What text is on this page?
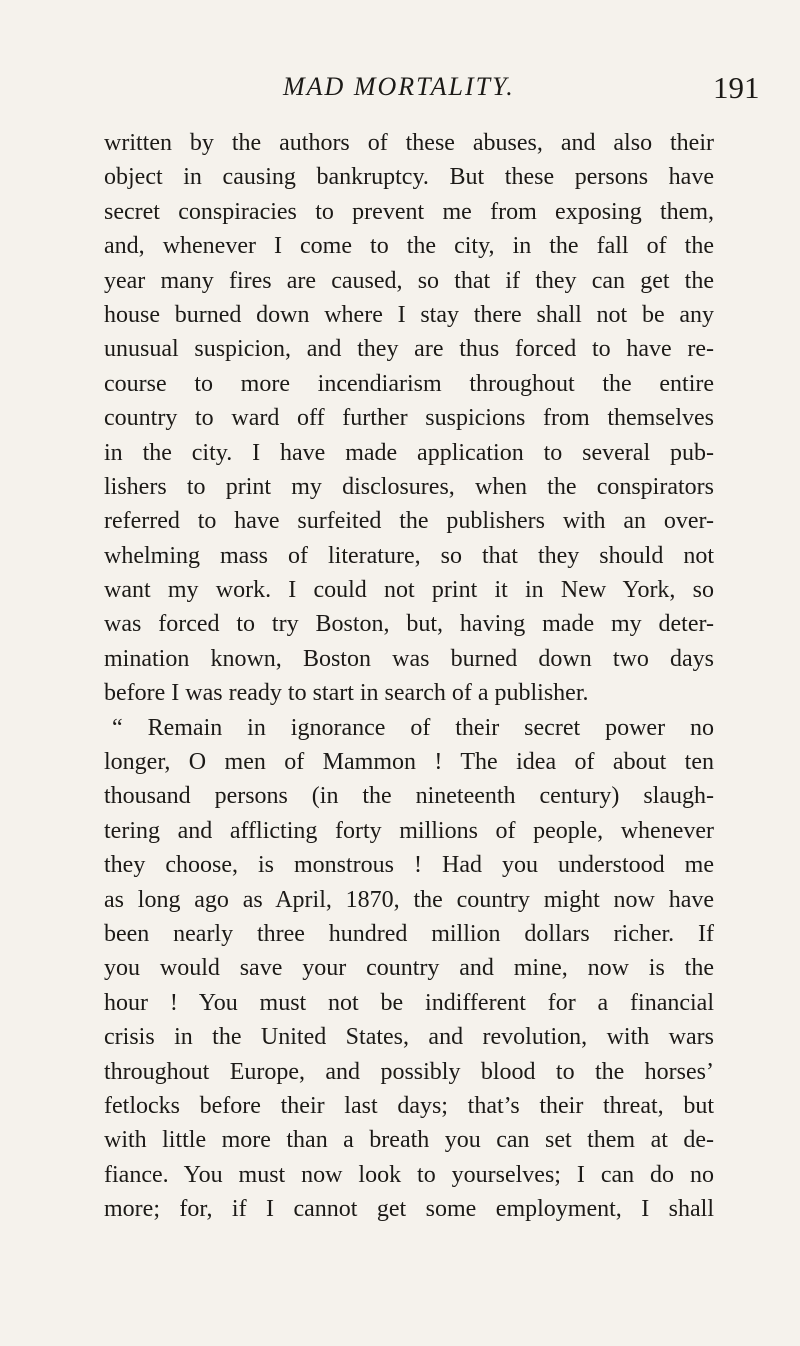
MAD MORTALITY.	191
written by the authors of these abuses, and also their
object in causing bankruptcy. But these persons have
secret conspiracies to prevent me from exposing them,
and, whenever I come to the city, in the fall of the
year many fires are caused, so that if they can get the
house burned down where I stay there shall not be any
unusual suspicion, and they are thus forced to have re-
course to more incendiarism throughout the entire
country to ward off further suspicions from themselves
in the city. I have made application to several pub-
lishers to print my disclosures, when the conspirators
referred to have surfeited the publishers with an over-
whelming mass of literature, so that they should not
want my work. I could not print it in New York, so
was forced to try Boston, but, having made my deter-
mination known, Boston was burned down two days
before I was ready to start in search of a publisher.
“ Remain in ignorance of their secret power no
longer, O men of Mammon ! The idea of about ten
thousand persons (in the nineteenth century) slaugh-
tering and afflicting forty millions of people, whenever
they choose, is monstrous ! Had you understood me
as long ago as April, 1870, the country might now have
been nearly three hundred million dollars richer. If
you would save your country and mine, now is the
hour ! You must not be indifferent for a financial
crisis in the United States, and revolution, with wars
throughout Europe, and possibly blood to the horses’
fetlocks before their last days; that’s their threat, but
with little more than a breath you can set them at de-
fiance. You must now look to yourselves; I can do no
more; for, if I cannot get some employment, I shall
